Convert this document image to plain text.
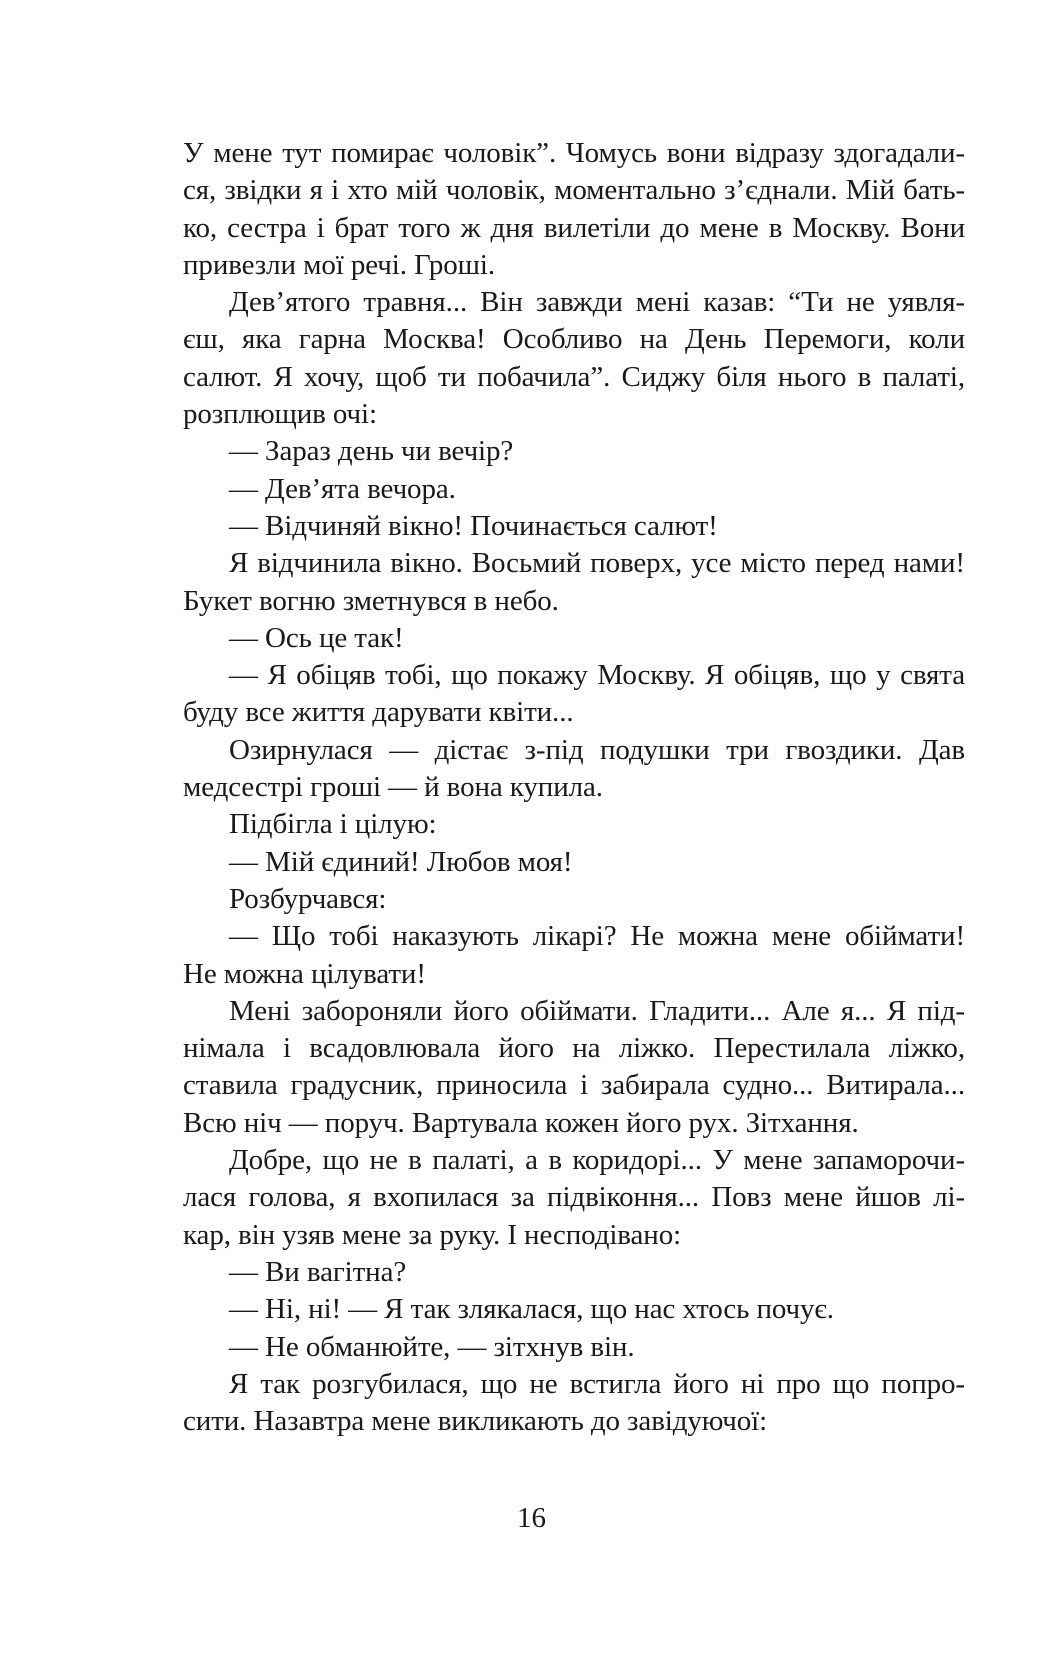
У мене тут помирає чоловік”. Чомусь вони відразу здогадали-
ся, звідки я і хто мій чоловік, моментально з’єднали. Мій бать-
ко, сестра і брат того ж дня вилетіли до мене в Москву. Вони
привезли мої речі. Гроші.
Дев’ятого травня... Він завжди мені казав: “Ти не уявля-
єш, яка гарна Москва! Особливо на День Перемоги, коли
салют. Я хочу, щоб ти побачила”. Сиджу біля нього в палаті,
розплющив очі:
— Зараз день чи вечір?
— Дев’ята вечора.
— Відчиняй вікно! Починається салют!
Я відчинила вікно. Восьмий поверх, усе місто перед нами!
Букет вогню зметнувся в небо.
— Ось це так!
— Я обіцяв тобі, що покажу Москву. Я обіцяв, що у свята
буду все життя дарувати квіти...
Озирнулася — дістає з-під подушки три гвоздики. Дав
медсестрі гроші — й вона купила.
Підбігла і цілую:
— Мій єдиний! Любов моя!
Розбурчався:
— Що тобі наказують лікарі? Не можна мене обіймати!
Не можна цілувати!
Мені забороняли його обіймати. Гладити... Але я... Я під-
німала і всадовлювала його на ліжко. Перестилала ліжко,
ставила градусник, приносила і забирала судно... Витирала...
Всю ніч — поруч. Вартувала кожен його рух. Зітхання.
Добре, що не в палаті, а в коридорі... У мене запаморочи-
лася голова, я вхопилася за підвіконня... Повз мене йшов лі-
кар, він узяв мене за руку. І несподівано:
— Ви вагітна?
— Ні, ні! — Я так злякалася, що нас хтось почує.
— Не обманюйте, — зітхнув він.
Я так розгубилася, що не встигла його ні про що попро-
сити. Назавтра мене викликають до завідуючої:
16
